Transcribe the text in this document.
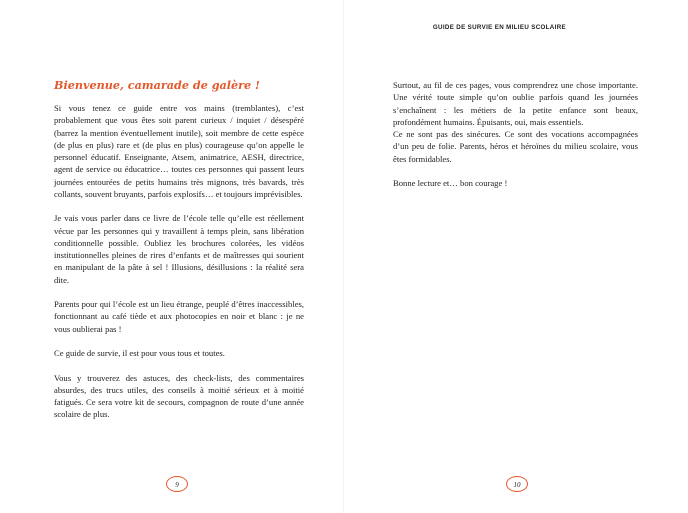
Bienvenue, camarade de galère !

Si vous tenez ce guide entre vos mains (tremblantes), c’est probablement que vous êtes soit parent curieux / inquiet / désespéré (barrez la mention éventuellement inutile), soit membre de cette espèce (de plus en plus) rare et (de plus en plus) courageuse qu’on appelle le personnel éducatif. Enseignante, Atsem, animatrice, AESH, directrice, agent de service ou éducatrice… toutes ces personnes qui passent leurs journées entourées de petits humains très mignons, très bavards, très collants, souvent bruyants, parfois explosifs… et toujours imprévisibles.

Je vais vous parler dans ce livre de l’école telle qu’elle est réellement vécue par les personnes qui y travaillent à temps plein, sans libération conditionnelle possible. Oubliez les brochures colorées, les vidéos institutionnelles pleines de rires d’enfants et de maîtresses qui sourient en manipulant de la pâte à sel ! Illusions, désillusions : la réalité sera dite.

Parents pour qui l’école est un lieu étrange, peuplé d’êtres inaccessibles, fonctionnant au café tiède et aux photocopies en noir et blanc : je ne vous oublierai pas !

Ce guide de survie, il est pour vous tous et toutes.

Vous y trouverez des astuces, des check-lists, des commentaires absurdes, des trucs utiles, des conseils à moitié sérieux et à moitié fatigués. Ce sera votre kit de secours, compagnon de route d’une année scolaire de plus.

9
GUIDE DE SURVIE EN MILIEU SCOLAIRE

Surtout, au fil de ces pages, vous comprendrez une chose importante. Une vérité toute simple qu’on oublie parfois quand les journées s’enchaînent : les métiers de la petite enfance sont beaux, profondément humains. Épuisants, oui, mais essentiels.

Ce ne sont pas des sinécures. Ce sont des vocations accompagnées d’un peu de folie. Parents, héros et héroïnes du milieu scolaire, vous êtes formidables.

Bonne lecture et… bon courage !

10
